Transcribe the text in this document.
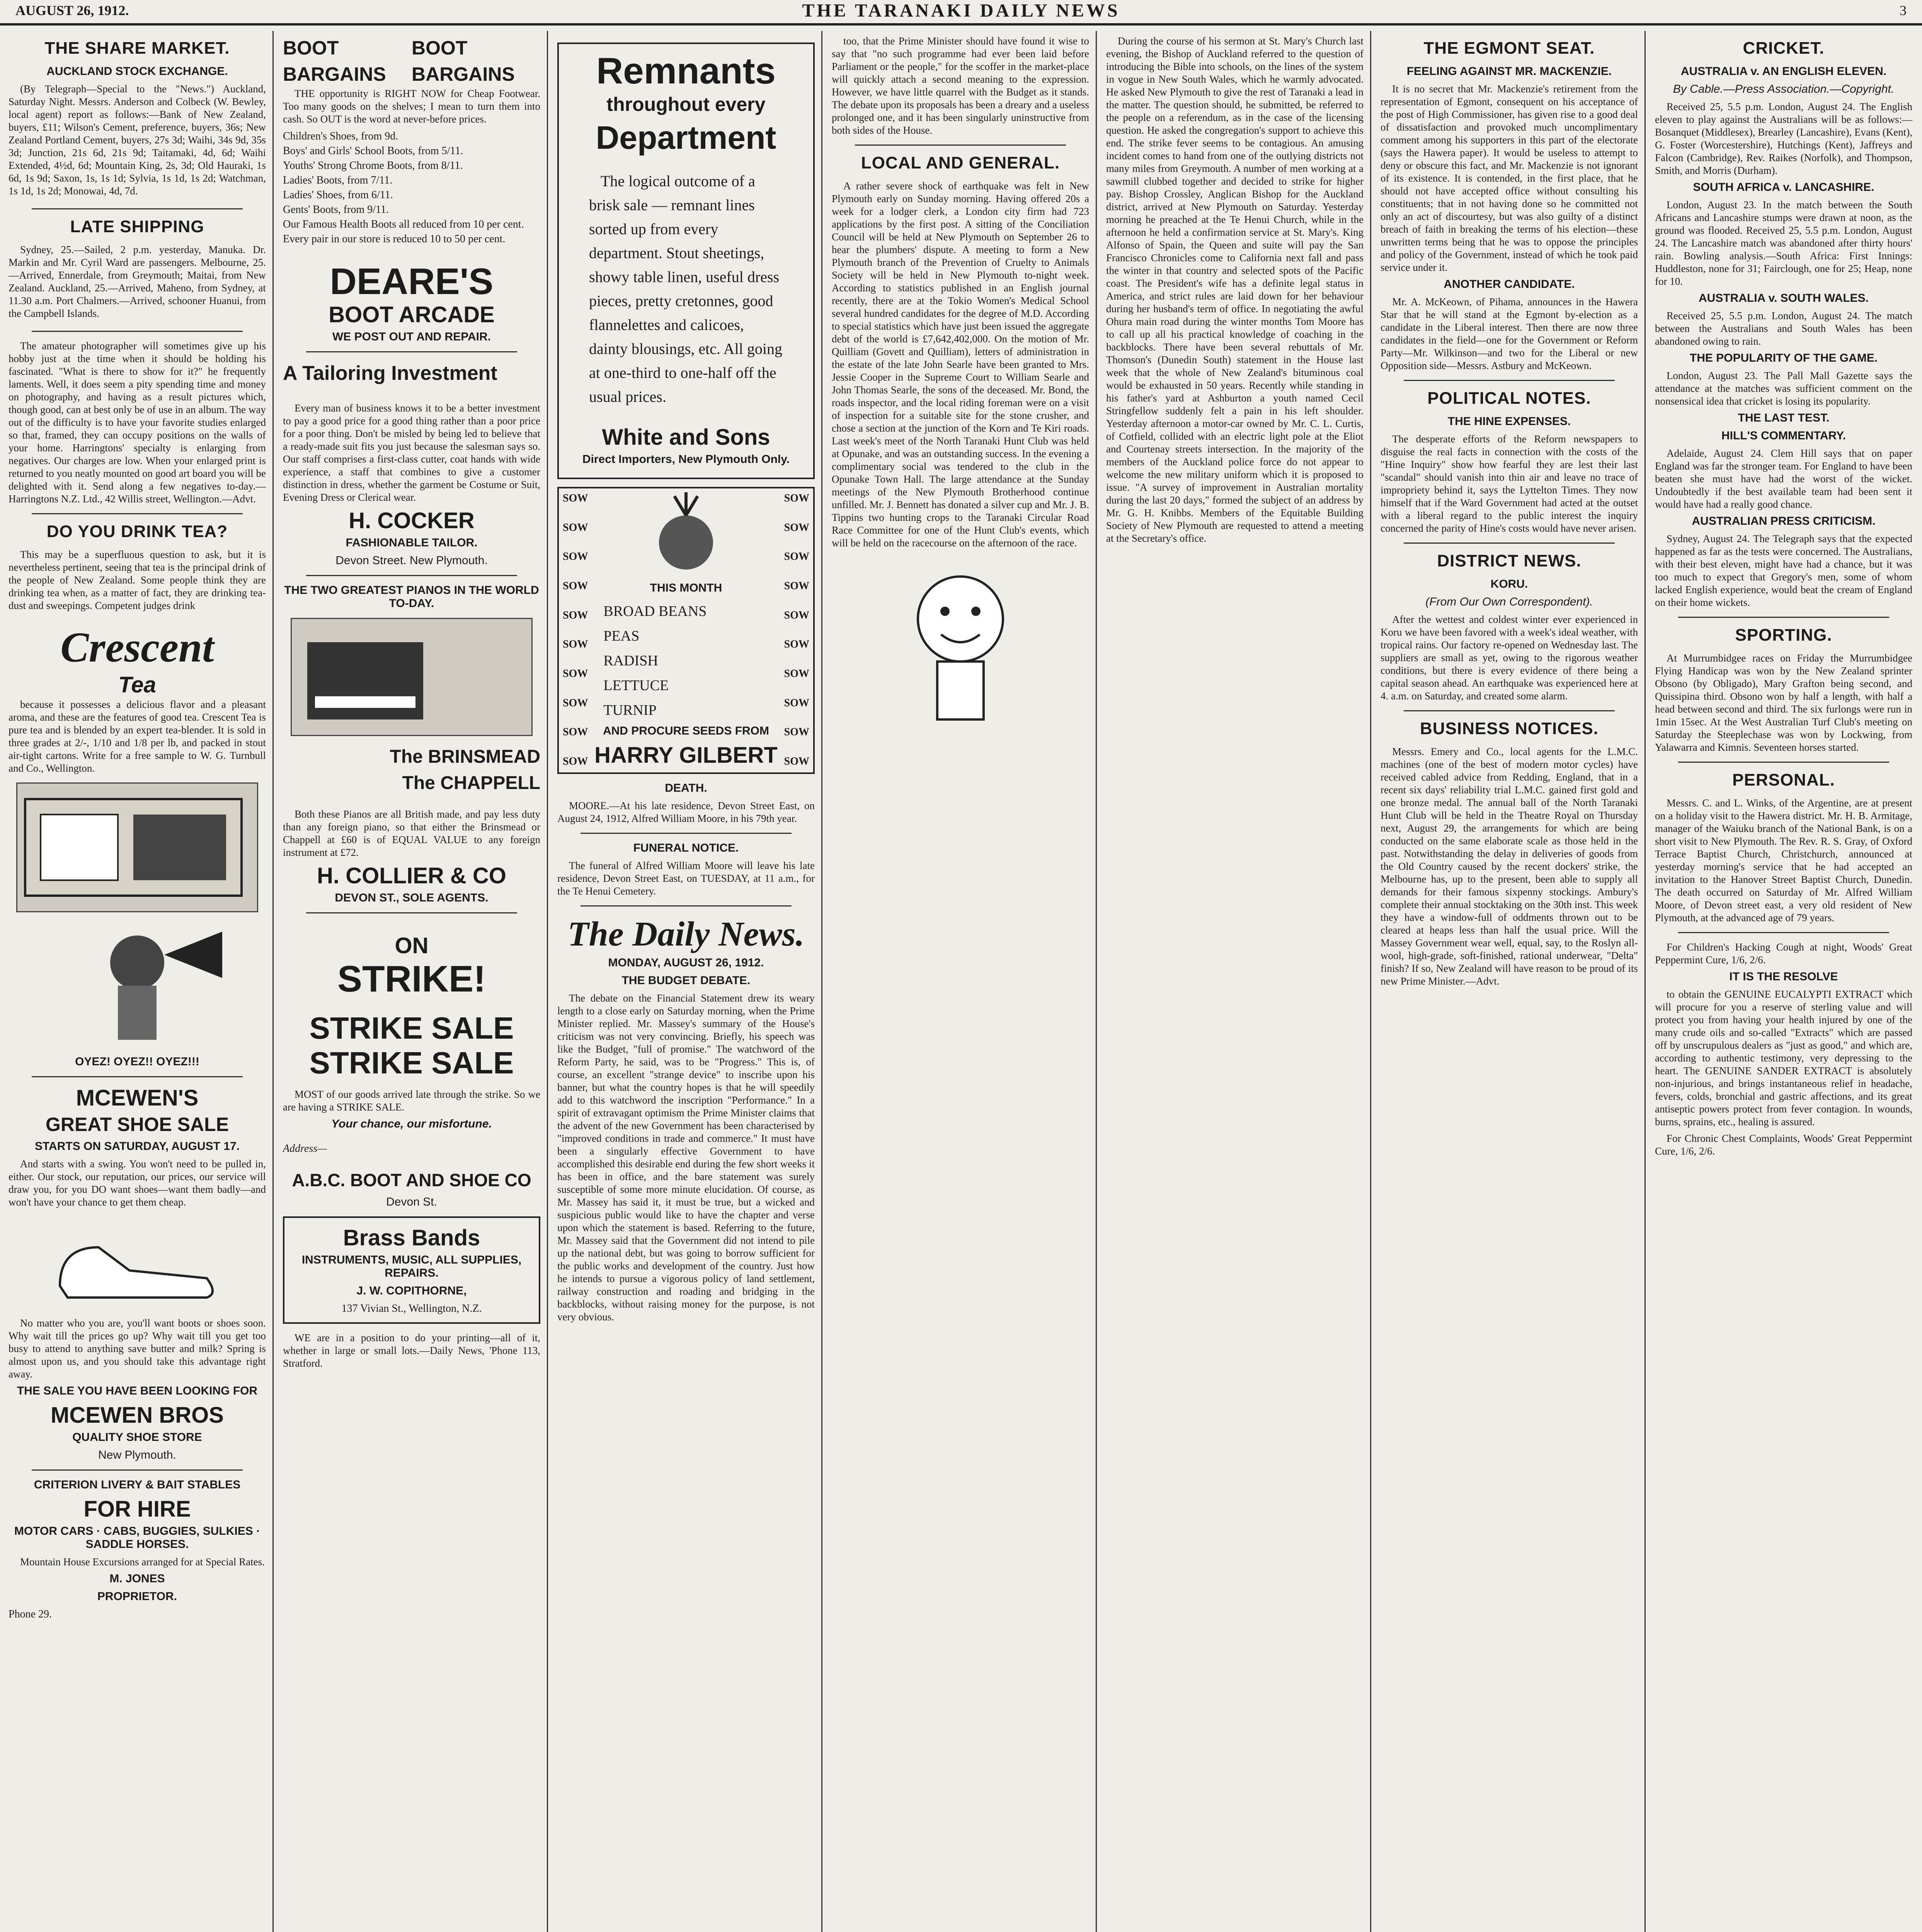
AUGUST 26, 1912.	THE TARANAKI DAILY NEWS	3
THE SHARE MARKET.
AUCKLAND STOCK EXCHANGE.

(By Telegraph—Special to the "News.") Auckland, Saturday Night. Messrs. Anderson and Colbeck (W. Bewley, local agent) report as follows:—Bank of New Zealand, buyers, £11; Wilson's Cement, preference, buyers, 36s; New Zealand Portland Cement, buyers, 27s 3d; Waihi, 34s 9d, 35s 3d; Junction, 21s 6d, 21s 9d; Taitamaki, 4d, 6d; Waihi Extended, 4½d, 6d; Mountain King, 2s, 3d; Old Hauraki, 1s 6d, 1s 9d; Saxon, 1s, 1s 1d; Sylvia, 1s 1d, 1s 2d; Watchman, 1s 1d, 1s 2d; Monowai, 4d, 7d.

LATE SHIPPING

Sydney, 25.—Sailed, 2 p.m. yesterday, Manuka. Dr. Markin and Mr. Cyril Ward are passengers. Melbourne, 25.—Arrived, Ennerdale, from Greymouth; Maitai, from New Zealand. Auckland, 25.—Arrived, Maheno, from Sydney, at 11.30 a.m. Port Chalmers.—Arrived, schooner Huanui, from the Campbell Islands.

The amateur photographer will sometimes give up his hobby just at the time when it should be holding his fascinated. "What is there to show for it?" he frequently laments. Well, it does seem a pity spending time and money on photography, and having as a result pictures which, though good, can at best only be of use in an album. The way out of the difficulty is to have your favorite studies enlarged so that, framed, they can occupy positions on the walls of your home. Harringtons' specialty is enlarging from negatives. Our charges are low. When your enlarged print is returned to you neatly mounted on good art board you will be delighted with it. Send along a few negatives to-day.—Harringtons N.Z. Ltd., 42 Willis street, Wellington.—Advt.

DO YOU DRINK TEA?

This may be a superfluous question to ask, but it is nevertheless pertinent, seeing that tea is the principal drink of the people of New Zealand. Some people think they are drinking tea when, as a matter of fact, they are drinking tea-dust and sweepings. Competent judges drink

Crescent
Tea

because it possesses a delicious flavor and a pleasant aroma, and these are the features of good tea. Crescent Tea is pure tea and is blended by an expert tea-blender. It is sold in three grades at 2/-, 1/10 and 1/8 per lb, and packed in stout air-tight cartons. Write for a free sample to W. G. Turnbull and Co., Wellington.

OYEZ! OYEZ!! OYEZ!!!
MCEWEN'S
GREAT SHOE SALE
STARTS ON SATURDAY, AUGUST 17.

And starts with a swing. You won't need to be pulled in, either. Our stock, our reputation, our prices, our service will draw you, for you DO want shoes—want them badly—and won't have your chance to get them cheap.

No matter who you are, you'll want boots or shoes soon. Why wait till the prices go up? Why wait till you get too busy to attend to anything save butter and milk? Spring is almost upon us, and you should take this advantage right away.

THE SALE YOU HAVE BEEN LOOKING FOR
MCEWEN BROS
QUALITY SHOE STORE
New Plymouth.
CRITERION LIVERY & BAIT STABLES
FOR HIRE
MOTOR CARS · CABS, BUGGIES, SULKIES · SADDLE HORSES.

Mountain House Excursions arranged for at Special Rates.

M. JONES
PROPRIETOR.
Phone 29.
BOOT BARGAINS
BOOT BARGAINS

THE opportunity is RIGHT NOW for Cheap Footwear. Too many goods on the shelves; I mean to turn them into cash. So OUT is the word at never-before prices.

Children's Shoes, from 9d.
Boys' and Girls' School Boots, from 5/11.
Youths' Strong Chrome Boots, from 8/11.
Ladies' Boots, from 7/11.
Ladies' Shoes, from 6/11.
Gents' Boots, from 9/11.
Our Famous Health Boots all reduced from 10 per cent.
Every pair in our store is reduced 10 to 50 per cent.
DEARE'S
BOOT ARCADE
WE POST OUT AND REPAIR.
A Tailoring Investment

Every man of business knows it to be a better investment to pay a good price for a good thing rather than a poor price for a poor thing. Don't be misled by being led to believe that a ready-made suit fits you just because the salesman says so. Our staff comprises a first-class cutter, coat hands with wide experience, a staff that combines to give a customer distinction in dress, whether the garment be Costume or Suit, Evening Dress or Clerical wear.

H. COCKER
FASHIONABLE TAILOR.
Devon Street. New Plymouth.
THE TWO GREATEST PIANOS IN THE WORLD TO-DAY.
The BRINSMEAD
The CHAPPELL

Both these Pianos are all British made, and pay less duty than any foreign piano, so that either the Brinsmead or Chappell at £60 is of EQUAL VALUE to any foreign instrument at £72.

H. COLLIER & CO
DEVON ST., SOLE AGENTS.
ON
STRIKE!
STRIKE SALE
STRIKE SALE

MOST of our goods arrived late through the strike. So we are having a STRIKE SALE.

Your chance, our misfortune.
Address—
A.B.C. BOOT AND SHOE CO
Devon St.
Brass Bands
INSTRUMENTS, MUSIC, ALL SUPPLIES, REPAIRS.
J. W. COPITHORNE,
137 Vivian St., Wellington, N.Z.

WE are in a position to do your printing—all of it, whether in large or small lots.—Daily News, 'Phone 113, Stratford.

Remnants
throughout every
Department

The logical outcome of a brisk sale — remnant lines sorted up from every department. Stout sheetings, showy table linen, useful dress pieces, pretty cretonnes, good flannelettes and calicoes, dainty blousings, etc. All going at one-third to one-half off the usual prices.

White and Sons
Direct Importers, New Plymouth Only.
SOW
SOW
SOW
SOW
SOW
SOW
SOW
SOW
SOW
SOW
THIS MONTH
BROAD BEANS
PEAS
RADISH
LETTUCE
TURNIP
AND PROCURE SEEDS FROM
HARRY GILBERT
SOW
SOW
SOW
SOW
SOW
SOW
SOW
SOW
SOW
SOW
DEATH.

MOORE.—At his late residence, Devon Street East, on August 24, 1912, Alfred William Moore, in his 79th year.

FUNERAL NOTICE.

The funeral of Alfred William Moore will leave his late residence, Devon Street East, on TUESDAY, at 11 a.m., for the Te Henui Cemetery.

The Daily News.
MONDAY, AUGUST 26, 1912.
THE BUDGET DEBATE.

The debate on the Financial Statement drew its weary length to a close early on Saturday morning, when the Prime Minister replied. Mr. Massey's summary of the House's criticism was not very convincing. Briefly, his speech was like the Budget, "full of promise." The watchword of the Reform Party, he said, was to be "Progress." This is, of course, an excellent "strange device" to inscribe upon his banner, but what the country hopes is that he will speedily add to this watchword the inscription "Performance." In a spirit of extravagant optimism the Prime Minister claims that the advent of the new Government has been characterised by "improved conditions in trade and commerce." It must have been a singularly effective Government to have accomplished this desirable end during the few short weeks it has been in office, and the bare statement was surely susceptible of some more minute elucidation. Of course, as Mr. Massey has said it, it must be true, but a wicked and suspicious public would like to have the chapter and verse upon which the statement is based. Referring to the future, Mr. Massey said that the Government did not intend to pile up the national debt, but was going to borrow sufficient for the public works and development of the country. Just how he intends to pursue a vigorous policy of land settlement, railway construction and roading and bridging in the backblocks, without raising money for the purpose, is not very obvious.

too, that the Prime Minister should have found it wise to say that "no such programme had ever been laid before Parliament or the people," for the scoffer in the market-place will quickly attach a second meaning to the expression. However, we have little quarrel with the Budget as it stands. The debate upon its proposals has been a dreary and a useless prolonged one, and it has been singularly uninstructive from both sides of the House.

LOCAL AND GENERAL.

A rather severe shock of earthquake was felt in New Plymouth early on Sunday morning. Having offered 20s a week for a lodger clerk, a London city firm had 723 applications by the first post. A sitting of the Conciliation Council will be held at New Plymouth on September 26 to hear the plumbers' dispute. A meeting to form a New Plymouth branch of the Prevention of Cruelty to Animals Society will be held in New Plymouth to-night week. According to statistics published in an English journal recently, there are at the Tokio Women's Medical School several hundred candidates for the degree of M.D. According to special statistics which have just been issued the aggregate debt of the world is £7,642,402,000. On the motion of Mr. Quilliam (Govett and Quilliam), letters of administration in the estate of the late John Searle have been granted to Mrs. Jessie Cooper in the Supreme Court to William Searle and John Thomas Searle, the sons of the deceased. Mr. Bond, the roads inspector, and the local riding foreman were on a visit of inspection for a suitable site for the stone crusher, and chose a section at the junction of the Korn and Te Kiri roads. Last week's meet of the North Taranaki Hunt Club was held at Opunake, and was an outstanding success. In the evening a complimentary social was tendered to the club in the Opunake Town Hall. The large attendance at the Sunday meetings of the New Plymouth Brotherhood continue unfilled. Mr. J. Bennett has donated a silver cup and Mr. J. B. Tippins two hunting crops to the Taranaki Circular Road Race Committee for one of the Hunt Club's events, which will be held on the racecourse on the afternoon of the race.

During the course of his sermon at St. Mary's Church last evening, the Bishop of Auckland referred to the question of introducing the Bible into schools, on the lines of the system in vogue in New South Wales, which he warmly advocated. He asked New Plymouth to give the rest of Taranaki a lead in the matter. The question should, he submitted, be referred to the people on a referendum, as in the case of the licensing question. He asked the congregation's support to achieve this end. The strike fever seems to be contagious. An amusing incident comes to hand from one of the outlying districts not many miles from Greymouth. A number of men working at a sawmill clubbed together and decided to strike for higher pay. Bishop Crossley, Anglican Bishop for the Auckland district, arrived at New Plymouth on Saturday. Yesterday morning he preached at the Te Henui Church, while in the afternoon he held a confirmation service at St. Mary's. King Alfonso of Spain, the Queen and suite will pay the San Francisco Chronicles come to California next fall and pass the winter in that country and selected spots of the Pacific coast. The President's wife has a definite legal status in America, and strict rules are laid down for her behaviour during her husband's term of office. In negotiating the awful Ohura main road during the winter months Tom Moore has to call up all his practical knowledge of coaching in the backblocks. There have been several rebuttals of Mr. Thomson's (Dunedin South) statement in the House last week that the whole of New Zealand's bituminous coal would be exhausted in 50 years. Recently while standing in his father's yard at Ashburton a youth named Cecil Stringfellow suddenly felt a pain in his left shoulder. Yesterday afternoon a motor-car owned by Mr. C. L. Curtis, of Cotfield, collided with an electric light pole at the Eliot and Courtenay streets intersection. In the majority of the members of the Auckland police force do not appear to welcome the new military uniform which it is proposed to issue. "A survey of improvement in Australian mortality during the last 20 days," formed the subject of an address by Mr. G. H. Knibbs. Members of the Equitable Building Society of New Plymouth are requested to attend a meeting at the Secretary's office.

THE EGMONT SEAT.
FEELING AGAINST MR. MACKENZIE.

It is no secret that Mr. Mackenzie's retirement from the representation of Egmont, consequent on his acceptance of the post of High Commissioner, has given rise to a good deal of dissatisfaction and provoked much uncomplimentary comment among his supporters in this part of the electorate (says the Hawera paper). It would be useless to attempt to deny or obscure this fact, and Mr. Mackenzie is not ignorant of its existence. It is contended, in the first place, that he should not have accepted office without consulting his constituents; that in not having done so he committed not only an act of discourtesy, but was also guilty of a distinct breach of faith in breaking the terms of his election—these unwritten terms being that he was to oppose the principles and policy of the Government, instead of which he took paid service under it.

ANOTHER CANDIDATE.

Mr. A. McKeown, of Pihama, announces in the Hawera Star that he will stand at the Egmont by-election as a candidate in the Liberal interest. Then there are now three candidates in the field—one for the Government or Reform Party—Mr. Wilkinson—and two for the Liberal or new Opposition side—Messrs. Astbury and McKeown.

POLITICAL NOTES.
THE HINE EXPENSES.

The desperate efforts of the Reform newspapers to disguise the real facts in connection with the costs of the "Hine Inquiry" show how fearful they are lest their last "scandal" should vanish into thin air and leave no trace of impropriety behind it, says the Lyttelton Times. They now himself that if the Ward Government had acted at the outset with a liberal regard to the public interest the inquiry concerned the parity of Hine's costs would have never arisen.

DISTRICT NEWS.
KORU.
(From Our Own Correspondent).

After the wettest and coldest winter ever experienced in Koru we have been favored with a week's ideal weather, with tropical rains. Our factory re-opened on Wednesday last. The suppliers are small as yet, owing to the rigorous weather conditions, but there is every evidence of there being a capital season ahead. An earthquake was experienced here at 4. a.m. on Saturday, and created some alarm.

BUSINESS NOTICES.

Messrs. Emery and Co., local agents for the L.M.C. machines (one of the best of modern motor cycles) have received cabled advice from Redding, England, that in a recent six days' reliability trial L.M.C. gained first gold and one bronze medal. The annual ball of the North Taranaki Hunt Club will be held in the Theatre Royal on Thursday next, August 29, the arrangements for which are being conducted on the same elaborate scale as those held in the past. Notwithstanding the delay in deliveries of goods from the Old Country caused by the recent dockers' strike, the Melbourne has, up to the present, been able to supply all demands for their famous sixpenny stockings. Ambury's complete their annual stocktaking on the 30th inst. This week they have a window-full of oddments thrown out to be cleared at heaps less than half the usual price. Will the Massey Government wear well, equal, say, to the Roslyn all-wool, high-grade, soft-finished, rational underwear, "Delta" finish? If so, New Zealand will have reason to be proud of its new Prime Minister.—Advt.

CRICKET.
AUSTRALIA v. AN ENGLISH ELEVEN.
By Cable.—Press Association.—Copyright.

Received 25, 5.5 p.m. London, August 24. The English eleven to play against the Australians will be as follows:—Bosanquet (Middlesex), Brearley (Lancashire), Evans (Kent), G. Foster (Worcestershire), Hutchings (Kent), Jaffreys and Falcon (Cambridge), Rev. Raikes (Norfolk), and Thompson, Smith, and Morris (Durham).

SOUTH AFRICA v. LANCASHIRE.

London, August 23. In the match between the South Africans and Lancashire stumps were drawn at noon, as the ground was flooded. Received 25, 5.5 p.m. London, August 24. The Lancashire match was abandoned after thirty hours' rain. Bowling analysis.—South Africa: First Innings: Huddleston, none for 31; Fairclough, one for 25; Heap, none for 10.

AUSTRALIA v. SOUTH WALES.

Received 25, 5.5 p.m. London, August 24. The match between the Australians and South Wales has been abandoned owing to rain.

THE POPULARITY OF THE GAME.

London, August 23. The Pall Mall Gazette says the attendance at the matches was sufficient comment on the nonsensical idea that cricket is losing its popularity.

THE LAST TEST.
HILL'S COMMENTARY.

Adelaide, August 24. Clem Hill says that on paper England was far the stronger team. For England to have been beaten she must have had the worst of the wicket. Undoubtedly if the best available team had been sent it would have had a really good chance.

AUSTRALIAN PRESS CRITICISM.

Sydney, August 24. The Telegraph says that the expected happened as far as the tests were concerned. The Australians, with their best eleven, might have had a chance, but it was too much to expect that Gregory's men, some of whom lacked English experience, would beat the cream of England on their home wickets.

SPORTING.

At Murrumbidgee races on Friday the Murrumbidgee Flying Handicap was won by the New Zealand sprinter Obsono (by Obligado), Mary Grafton being second, and Quissipina third. Obsono won by half a length, with half a head between second and third. The six furlongs were run in 1min 15sec. At the West Australian Turf Club's meeting on Saturday the Steeplechase was won by Lockwing, from Yalawarra and Kimnis. Seventeen horses started.

PERSONAL.

Messrs. C. and L. Winks, of the Argentine, are at present on a holiday visit to the Hawera district. Mr. H. B. Armitage, manager of the Waiuku branch of the National Bank, is on a short visit to New Plymouth. The Rev. R. S. Gray, of Oxford Terrace Baptist Church, Christchurch, announced at yesterday morning's service that he had accepted an invitation to the Hanover Street Baptist Church, Dunedin. The death occurred on Saturday of Mr. Alfred William Moore, of Devon street east, a very old resident of New Plymouth, at the advanced age of 79 years.

For Children's Hacking Cough at night, Woods' Great Peppermint Cure, 1/6, 2/6.

IT IS THE RESOLVE

to obtain the GENUINE EUCALYPTI EXTRACT which will procure for you a reserve of sterling value and will protect you from having your health injured by one of the many crude oils and so-called "Extracts" which are passed off by unscrupulous dealers as "just as good," and which are, according to authentic testimony, very depressing to the heart. The GENUINE SANDER EXTRACT is absolutely non-injurious, and brings instantaneous relief in headache, fevers, colds, bronchial and gastric affections, and its great antiseptic powers protect from fever contagion. In wounds, burns, sprains, etc., healing is assured.

For Chronic Chest Complaints, Woods' Great Peppermint Cure, 1/6, 2/6.
